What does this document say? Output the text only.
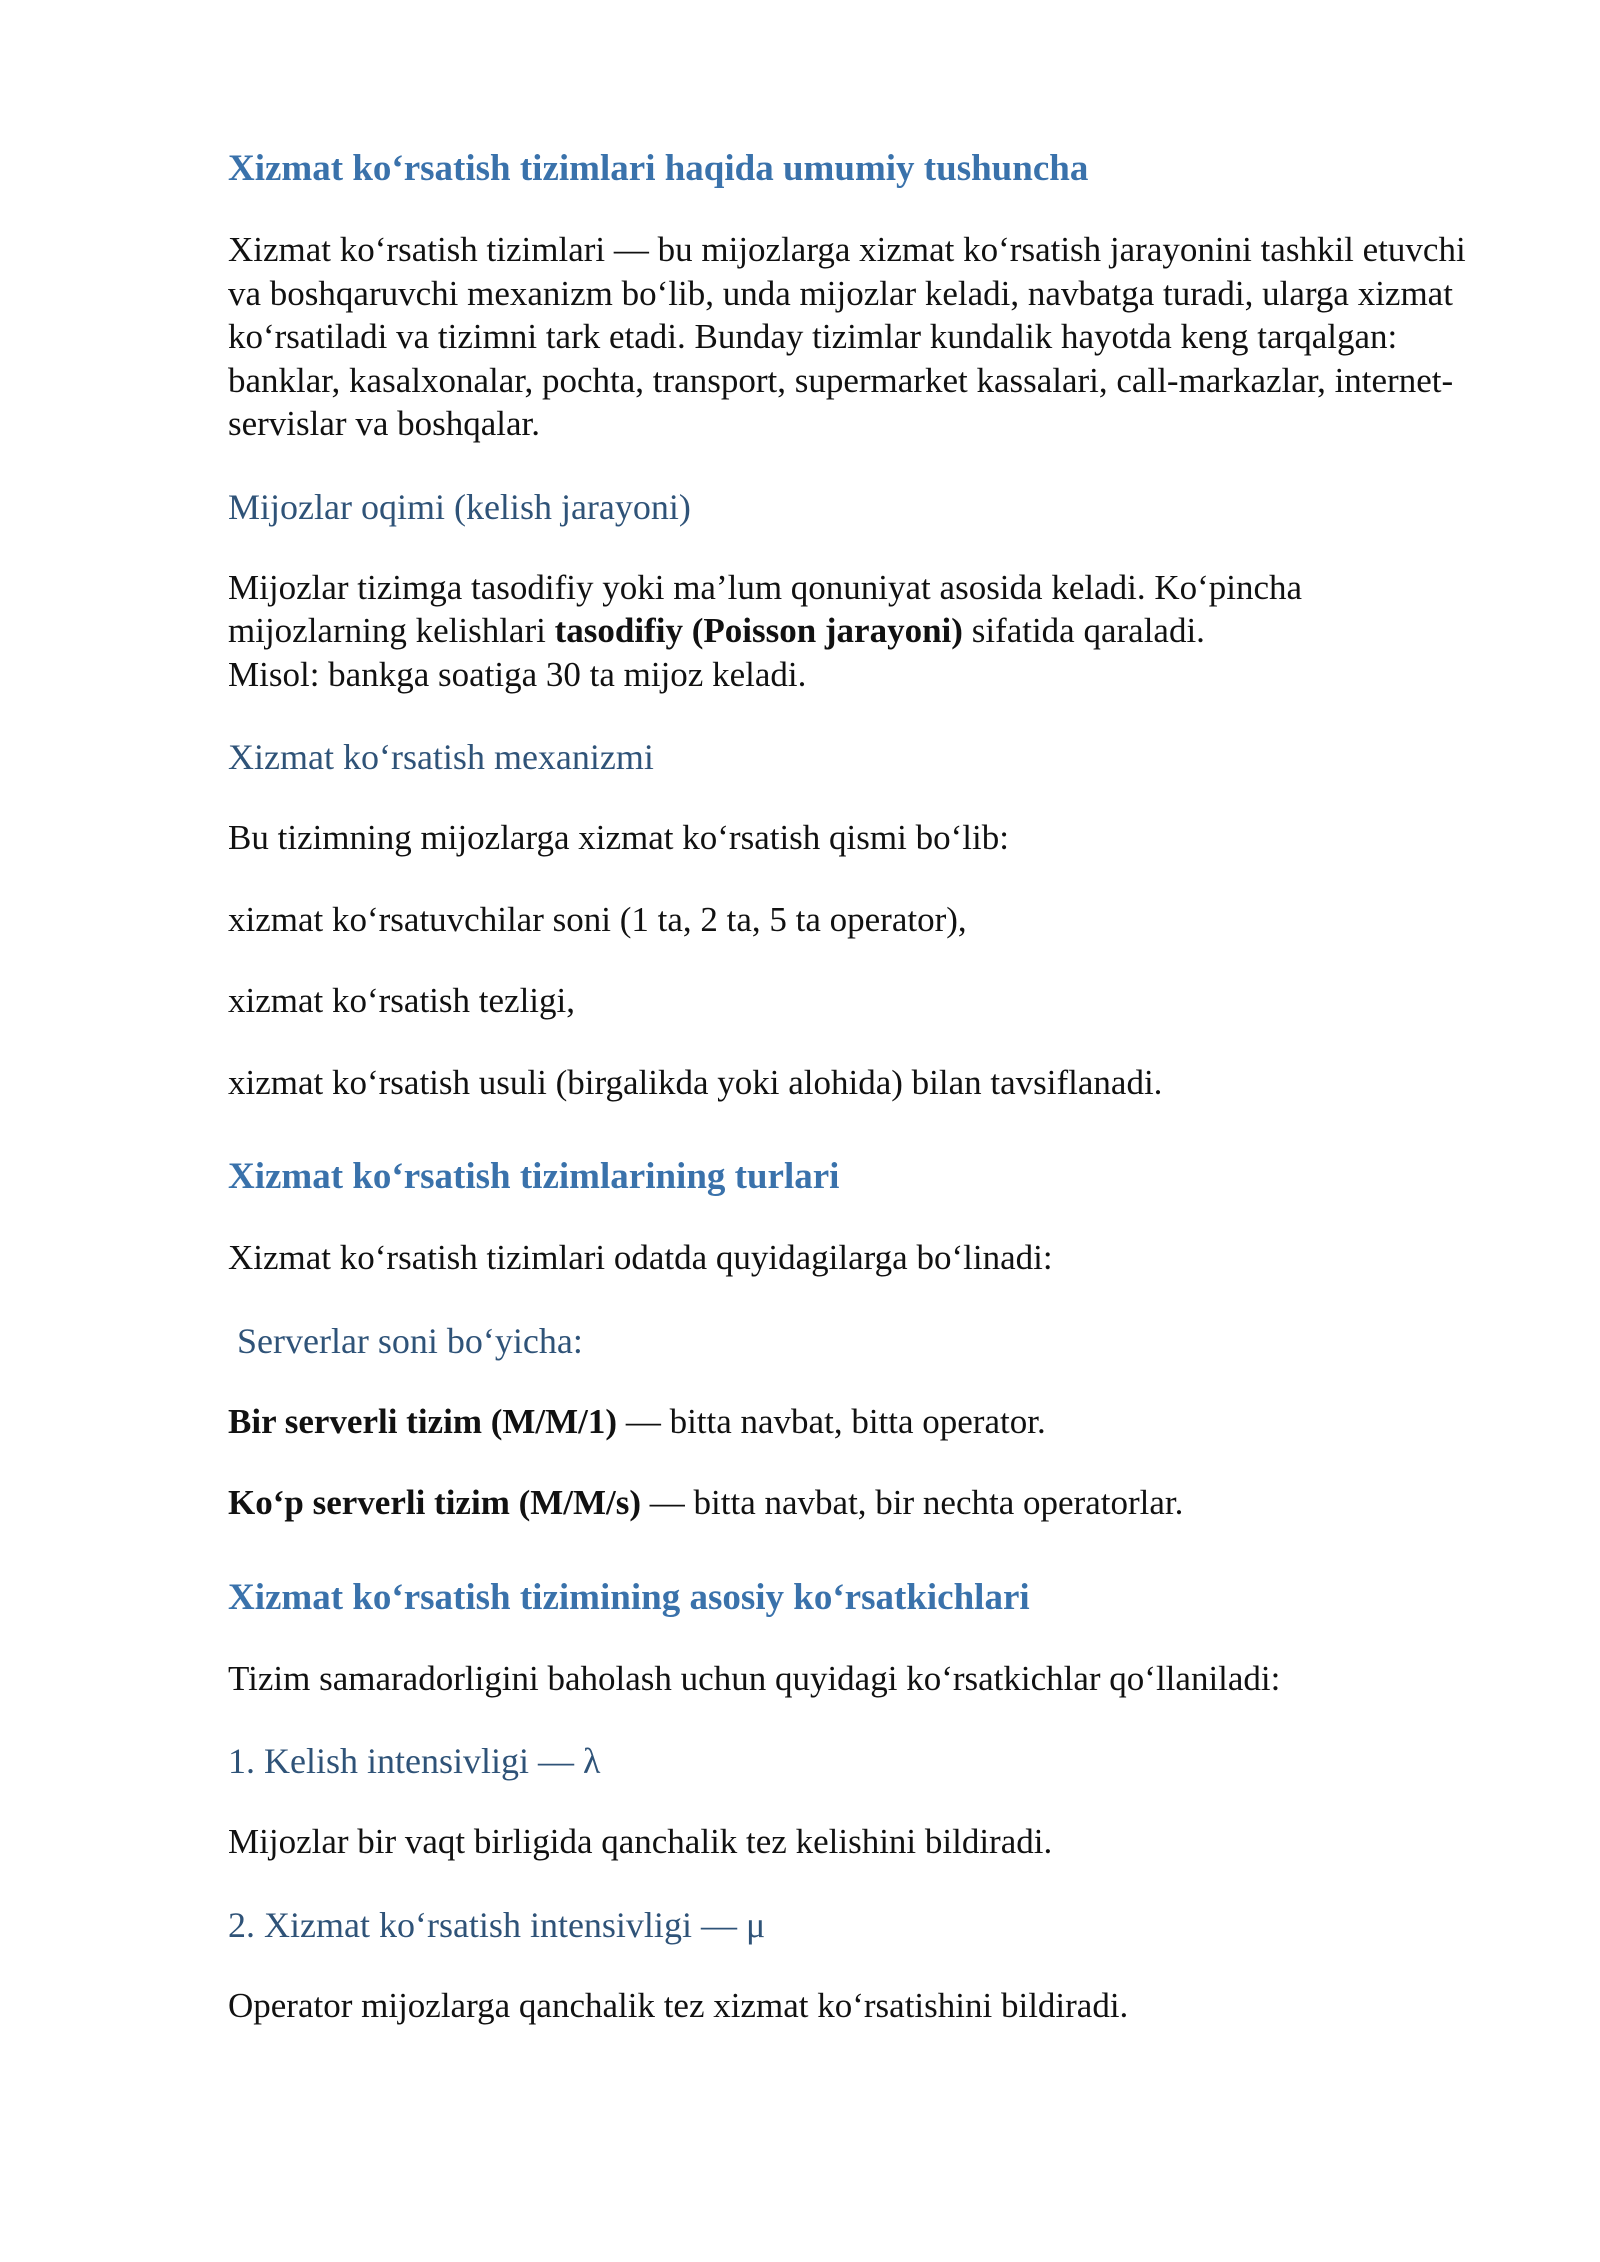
Xizmat ko‘rsatish tizimlari haqida umumiy tushuncha
Xizmat ko‘rsatish tizimlari — bu mijozlarga xizmat ko‘rsatish jarayonini tashkil etuvchi va boshqaruvchi mexanizm bo‘lib, unda mijozlar keladi, navbatga turadi, ularga xizmat ko‘rsatiladi va tizimni tark etadi. Bunday tizimlar kundalik hayotda keng tarqalgan: banklar, kasalxonalar, pochta, transport, supermarket kassalari, call-markazlar, internet-servislar va boshqalar.
Mijozlar oqimi (kelish jarayoni)
Mijozlar tizimga tasodifiy yoki ma’lum qonuniyat asosida keladi. Ko‘pincha mijozlarning kelishlari tasodifiy (Poisson jarayoni) sifatida qaraladi.
Misol: bankga soatiga 30 ta mijoz keladi.
Xizmat ko‘rsatish mexanizmi
Bu tizimning mijozlarga xizmat ko‘rsatish qismi bo‘lib:
xizmat ko‘rsatuvchilar soni (1 ta, 2 ta, 5 ta operator),
xizmat ko‘rsatish tezligi,
xizmat ko‘rsatish usuli (birgalikda yoki alohida) bilan tavsiflanadi.
Xizmat ko‘rsatish tizimlarining turlari
Xizmat ko‘rsatish tizimlari odatda quyidagilarga bo‘linadi:
Serverlar soni bo‘yicha:
Bir serverli tizim (M/M/1) — bitta navbat, bitta operator.
Ko‘p serverli tizim (M/M/s) — bitta navbat, bir nechta operatorlar.
Xizmat ko‘rsatish tizimining asosiy ko‘rsatkichlari
Tizim samaradorligini baholash uchun quyidagi ko‘rsatkichlar qo‘llaniladi:
1. Kelish intensivligi — λ
Mijozlar bir vaqt birligida qanchalik tez kelishini bildiradi.
2. Xizmat ko‘rsatish intensivligi — μ
Operator mijozlarga qanchalik tez xizmat ko‘rsatishini bildiradi.
